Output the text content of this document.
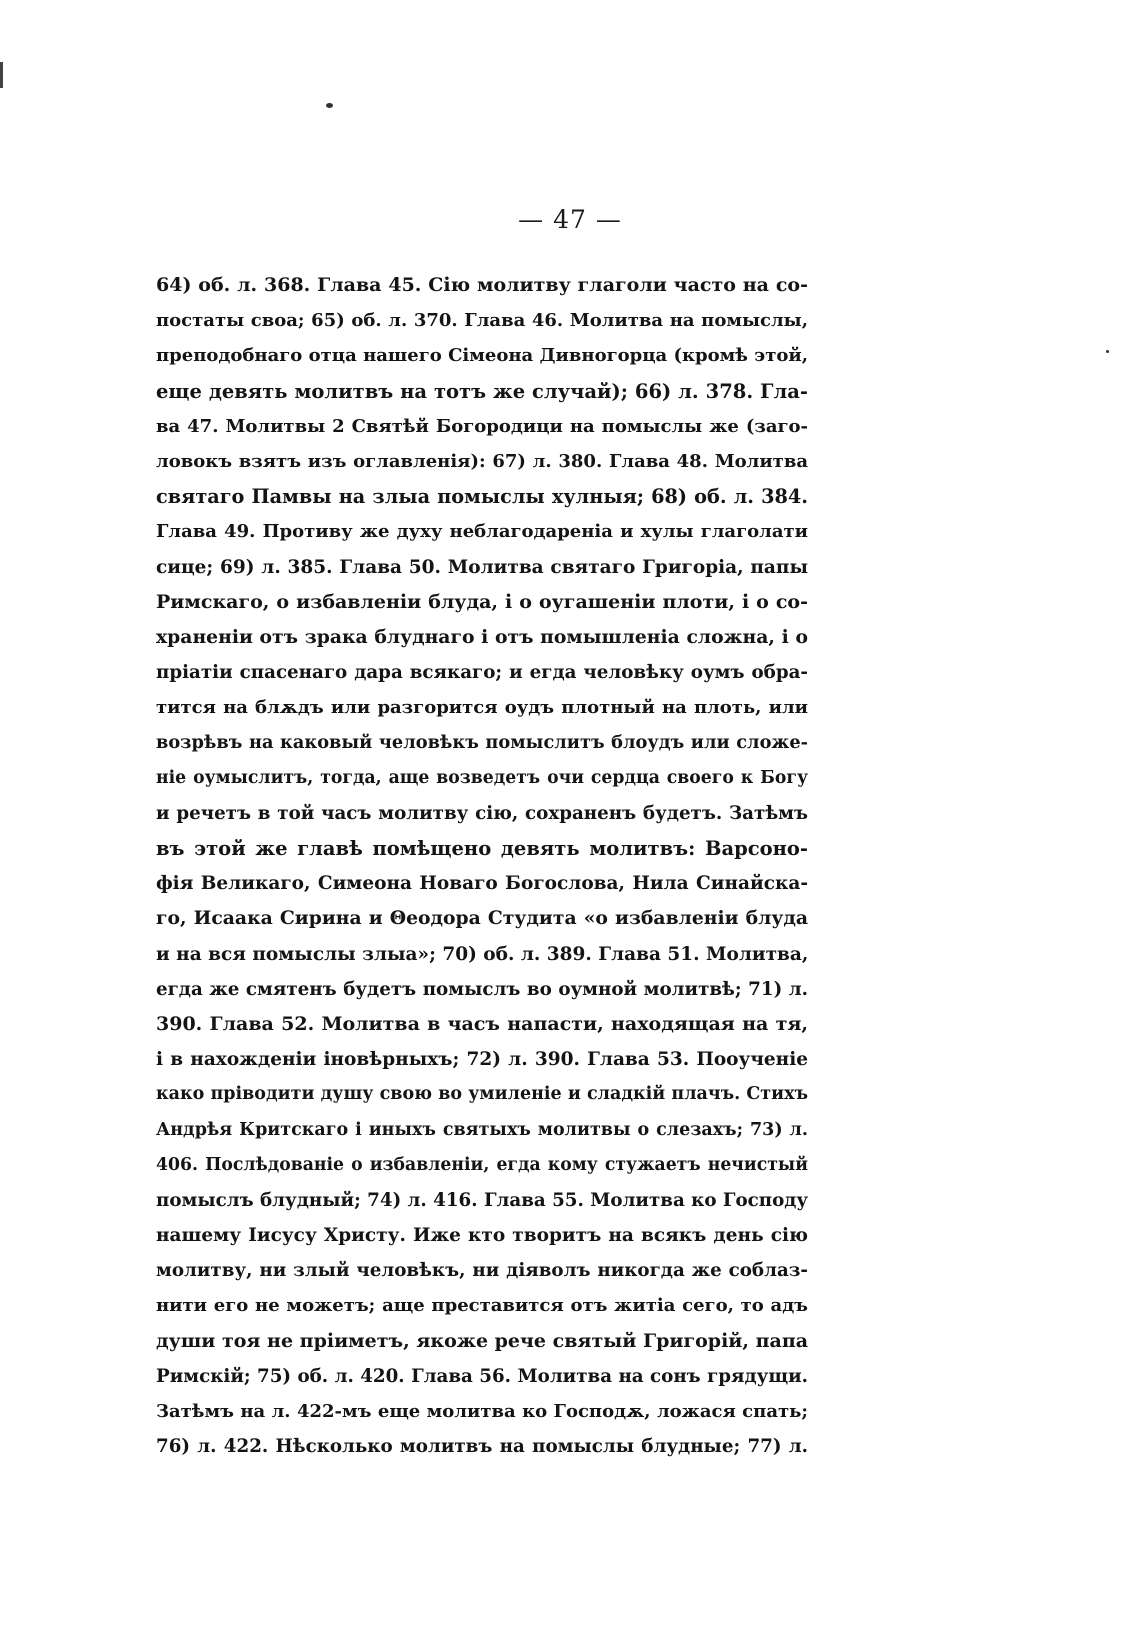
— 47 —
64) об. л. 368. Глава 45. Сію молитву глаголи часто на со-
постаты своа; 65) об. л. 370. Глава 46. Молитва на помыслы,
преподобнаго отца нашего Сімеона Дивногорца (кромѣ этой,
еще девять молитвъ на тотъ же случай); 66) л. 378. Гла-
ва 47. Молитвы 2 Святѣй Богородици на помыслы же (заго-
ловокъ взятъ изъ оглавленія): 67) л. 380. Глава 48. Молитва
святаго Памвы на злыа помыслы хулныя; 68) об. л. 384.
Глава 49. Противу же духу неблагодареніа и хулы глаголати
сице; 69) л. 385. Глава 50. Молитва святаго Григоріа, папы
Римскаго, о избавленіи блуда, і о оугашеніи плоти, і о со-
храненіи отъ зрака блуднаго і отъ помышленіа сложна, і о
пріатіи спасенаго дара всякаго; и егда человѣку оумъ обра-
тится на блѫдъ или разгорится оудъ плотный на плоть, или
возрѣвъ на каковый человѣкъ помыслитъ блоудъ или сложе-
ніе оумыслитъ, тогда, аще возведетъ очи сердца своего к Богу
и речетъ в той часъ молитву сію, сохраненъ будетъ. Затѣмъ
въ этой же главѣ помѣщено девять молитвъ: Варсоно-
фія Великаго, Симеона Новаго Богослова, Нила Синайска-
го, Исаака Сирина и Θеодора Студита «о избавленіи блуда
и на вся помыслы злыа»; 70) об. л. 389. Глава 51. Молитва,
егда же смятенъ будетъ помыслъ во оумной молитвѣ; 71) л.
390. Глава 52. Молитва в часъ напасти, находящая на тя,
і в нахожденіи іновѣрныхъ; 72) л. 390. Глава 53. Пооученіе
како пріводити душу свою во умиленіе и сладкій плачъ. Стихъ
Андрѣя Критскаго і иныхъ святыхъ молитвы о слезахъ; 73) л.
406. Послѣдованіе о избавленіи, егда кому стужаетъ нечистый
помыслъ блудный; 74) л. 416. Глава 55. Молитва ко Господу
нашему Іисусу Христу. Иже кто творитъ на всякъ день сію
молитву, ни злый человѣкъ, ни діяволъ никогда же соблаз-
нити его не можетъ; аще преставится отъ житіа сего, то адъ
души тоя не пріиметъ, якоже рече святый Григорій, папа
Римскій; 75) об. л. 420. Глава 56. Молитва на сонъ грядущи.
Затѣмъ на л. 422-мъ еще молитва ко Господѫ, ложася спать;
76) л. 422. Нѣсколько молитвъ на помыслы блудные; 77) л.
